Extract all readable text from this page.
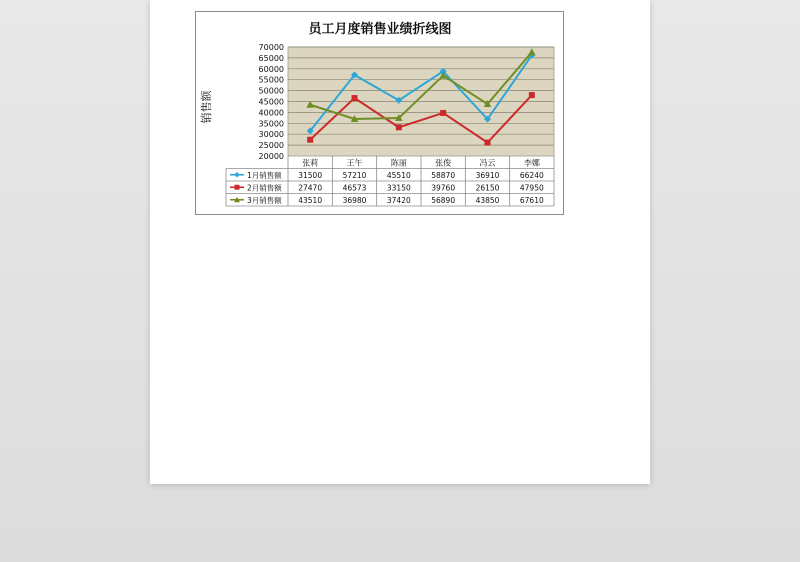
员工月度销售业绩折线图
销售额
20000
25000
30000
35000
40000
45000
50000
55000
60000
65000
70000
张莉	王午	陈丽	张俊	冯云	李娜
1月销售额 31500	57210	45510	58870	36910	66240
2月销售额 27470	46573	33150	39760	26150	47950
3月销售额 43510	36980	37420	56890	43850	67610
